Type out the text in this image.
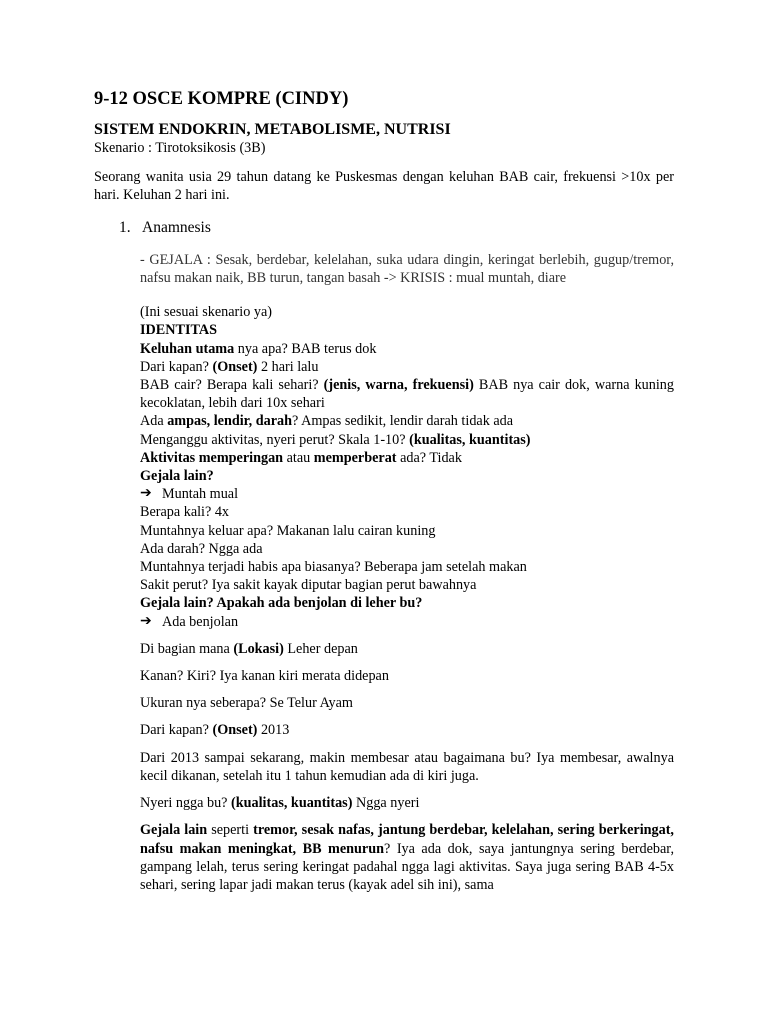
9-12 OSCE KOMPRE (CINDY)
SISTEM ENDOKRIN, METABOLISME, NUTRISI
Skenario : Tirotoksikosis (3B)

Seorang wanita usia 29 tahun datang ke Puskesmas dengan keluhan BAB cair, frekuensi >10x per hari. Keluhan 2 hari ini.

1. Anamnesis

- GEJALA : Sesak, berdebar, kelelahan, suka udara dingin, keringat berlebih, gugup/tremor, nafsu makan naik, BB turun, tangan basah -> KRISIS : mual muntah, diare

(Ini sesuai skenario ya)

IDENTITAS

Keluhan utama nya apa? BAB terus dok

Dari kapan? (Onset) 2 hari lalu

BAB cair? Berapa kali sehari? (jenis, warna, frekuensi) BAB nya cair dok, warna kuning kecoklatan, lebih dari 10x sehari

Ada ampas, lendir, darah? Ampas sedikit, lendir darah tidak ada

Menganggu aktivitas, nyeri perut? Skala 1-10? (kualitas, kuantitas)

Aktivitas memperingan atau memperberat ada? Tidak

Gejala lain?

➔ Muntah mual

Berapa kali? 4x

Muntahnya keluar apa? Makanan lalu cairan kuning

Ada darah? Ngga ada

Muntahnya terjadi habis apa biasanya? Beberapa jam setelah makan

Sakit perut? Iya sakit kayak diputar bagian perut bawahnya

Gejala lain? Apakah ada benjolan di leher bu?

➔ Ada benjolan

Di bagian mana (Lokasi) Leher depan

Kanan? Kiri? Iya kanan kiri merata didepan

Ukuran nya seberapa? Se Telur Ayam

Dari kapan? (Onset) 2013

Dari 2013 sampai sekarang, makin membesar atau bagaimana bu? Iya membesar, awalnya kecil dikanan, setelah itu 1 tahun kemudian ada di kiri juga.

Nyeri ngga bu? (kualitas, kuantitas) Ngga nyeri

Gejala lain seperti tremor, sesak nafas, jantung berdebar, kelelahan, sering berkeringat, nafsu makan meningkat, BB menurun? Iya ada dok, saya jantungnya sering berdebar, gampang lelah, terus sering keringat padahal ngga lagi aktivitas. Saya juga sering BAB 4-5x sehari, sering lapar jadi makan terus (kayak adel sih ini), sama
